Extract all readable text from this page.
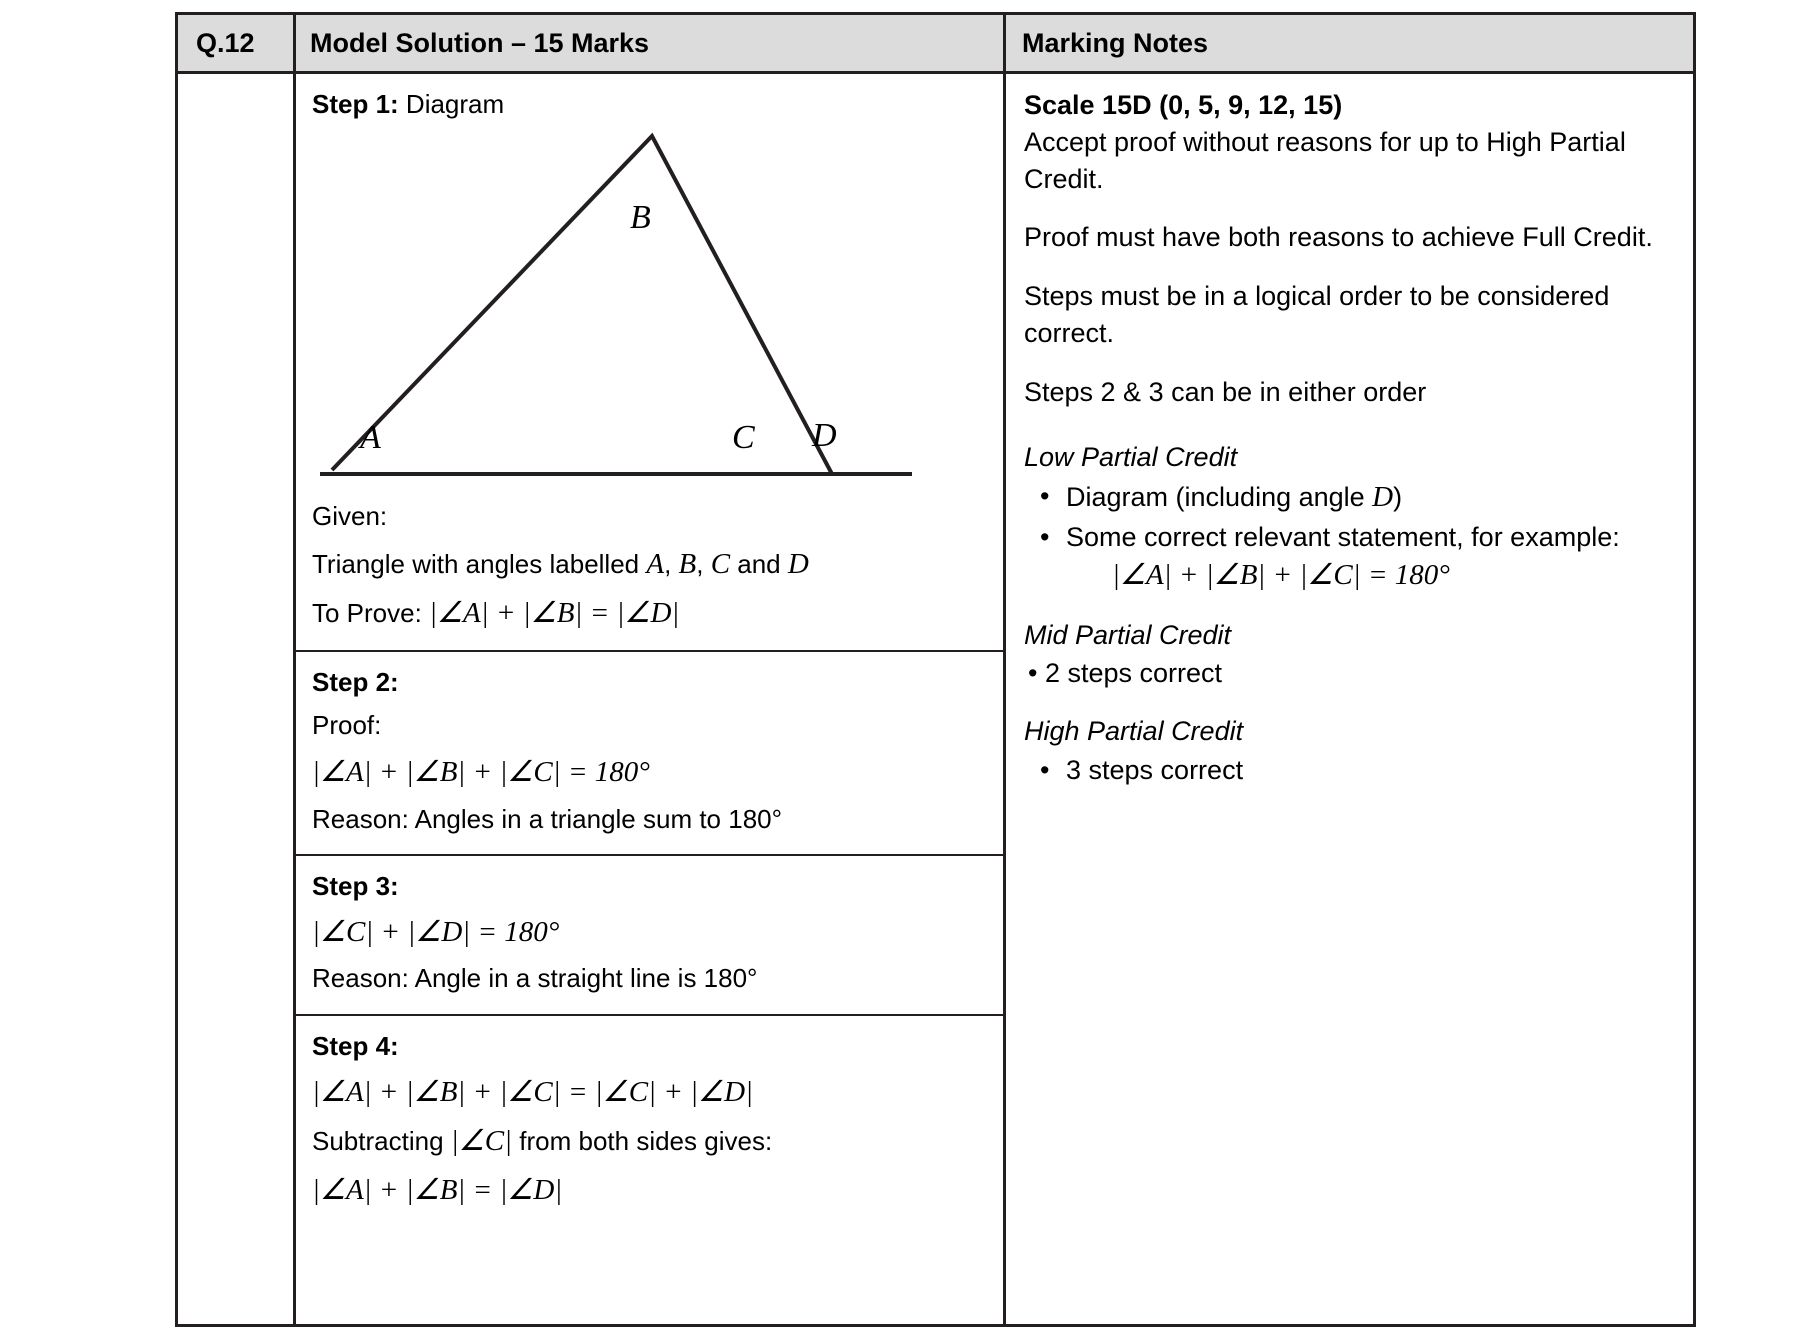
Q.12	Model Solution – 15 Marks	Marking Notes

Step 1: Diagram

A
B
C D

Given:

Triangle with angles labelled A, B, C and D

To Prove: |∠A| + |∠B| = |∠D|

Step 2:

Proof:

|∠A| + |∠B| + |∠C| = 180°

Reason: Angles in a triangle sum to 180°

Step 3:

|∠C| + |∠D| = 180°

Reason: Angle in a straight line is 180°

Step 4:

|∠A| + |∠B| + |∠C| = |∠C| + |∠D|

Subtracting |∠C| from both sides gives:

|∠A| + |∠B| = |∠D|

Scale 15D (0, 5, 9, 12, 15)

Accept proof without reasons for up to High Partial Credit.

Proof must have both reasons to achieve Full Credit.

Steps must be in a logical order to be considered correct.

Steps 2 & 3 can be in either order

Low Partial Credit

• Diagram (including angle D)
• Some correct relevant statement, for example:
|∠A| + |∠B| + |∠C| = 180°

Mid Partial Credit

• 2 steps correct

High Partial Credit

• 3 steps correct
